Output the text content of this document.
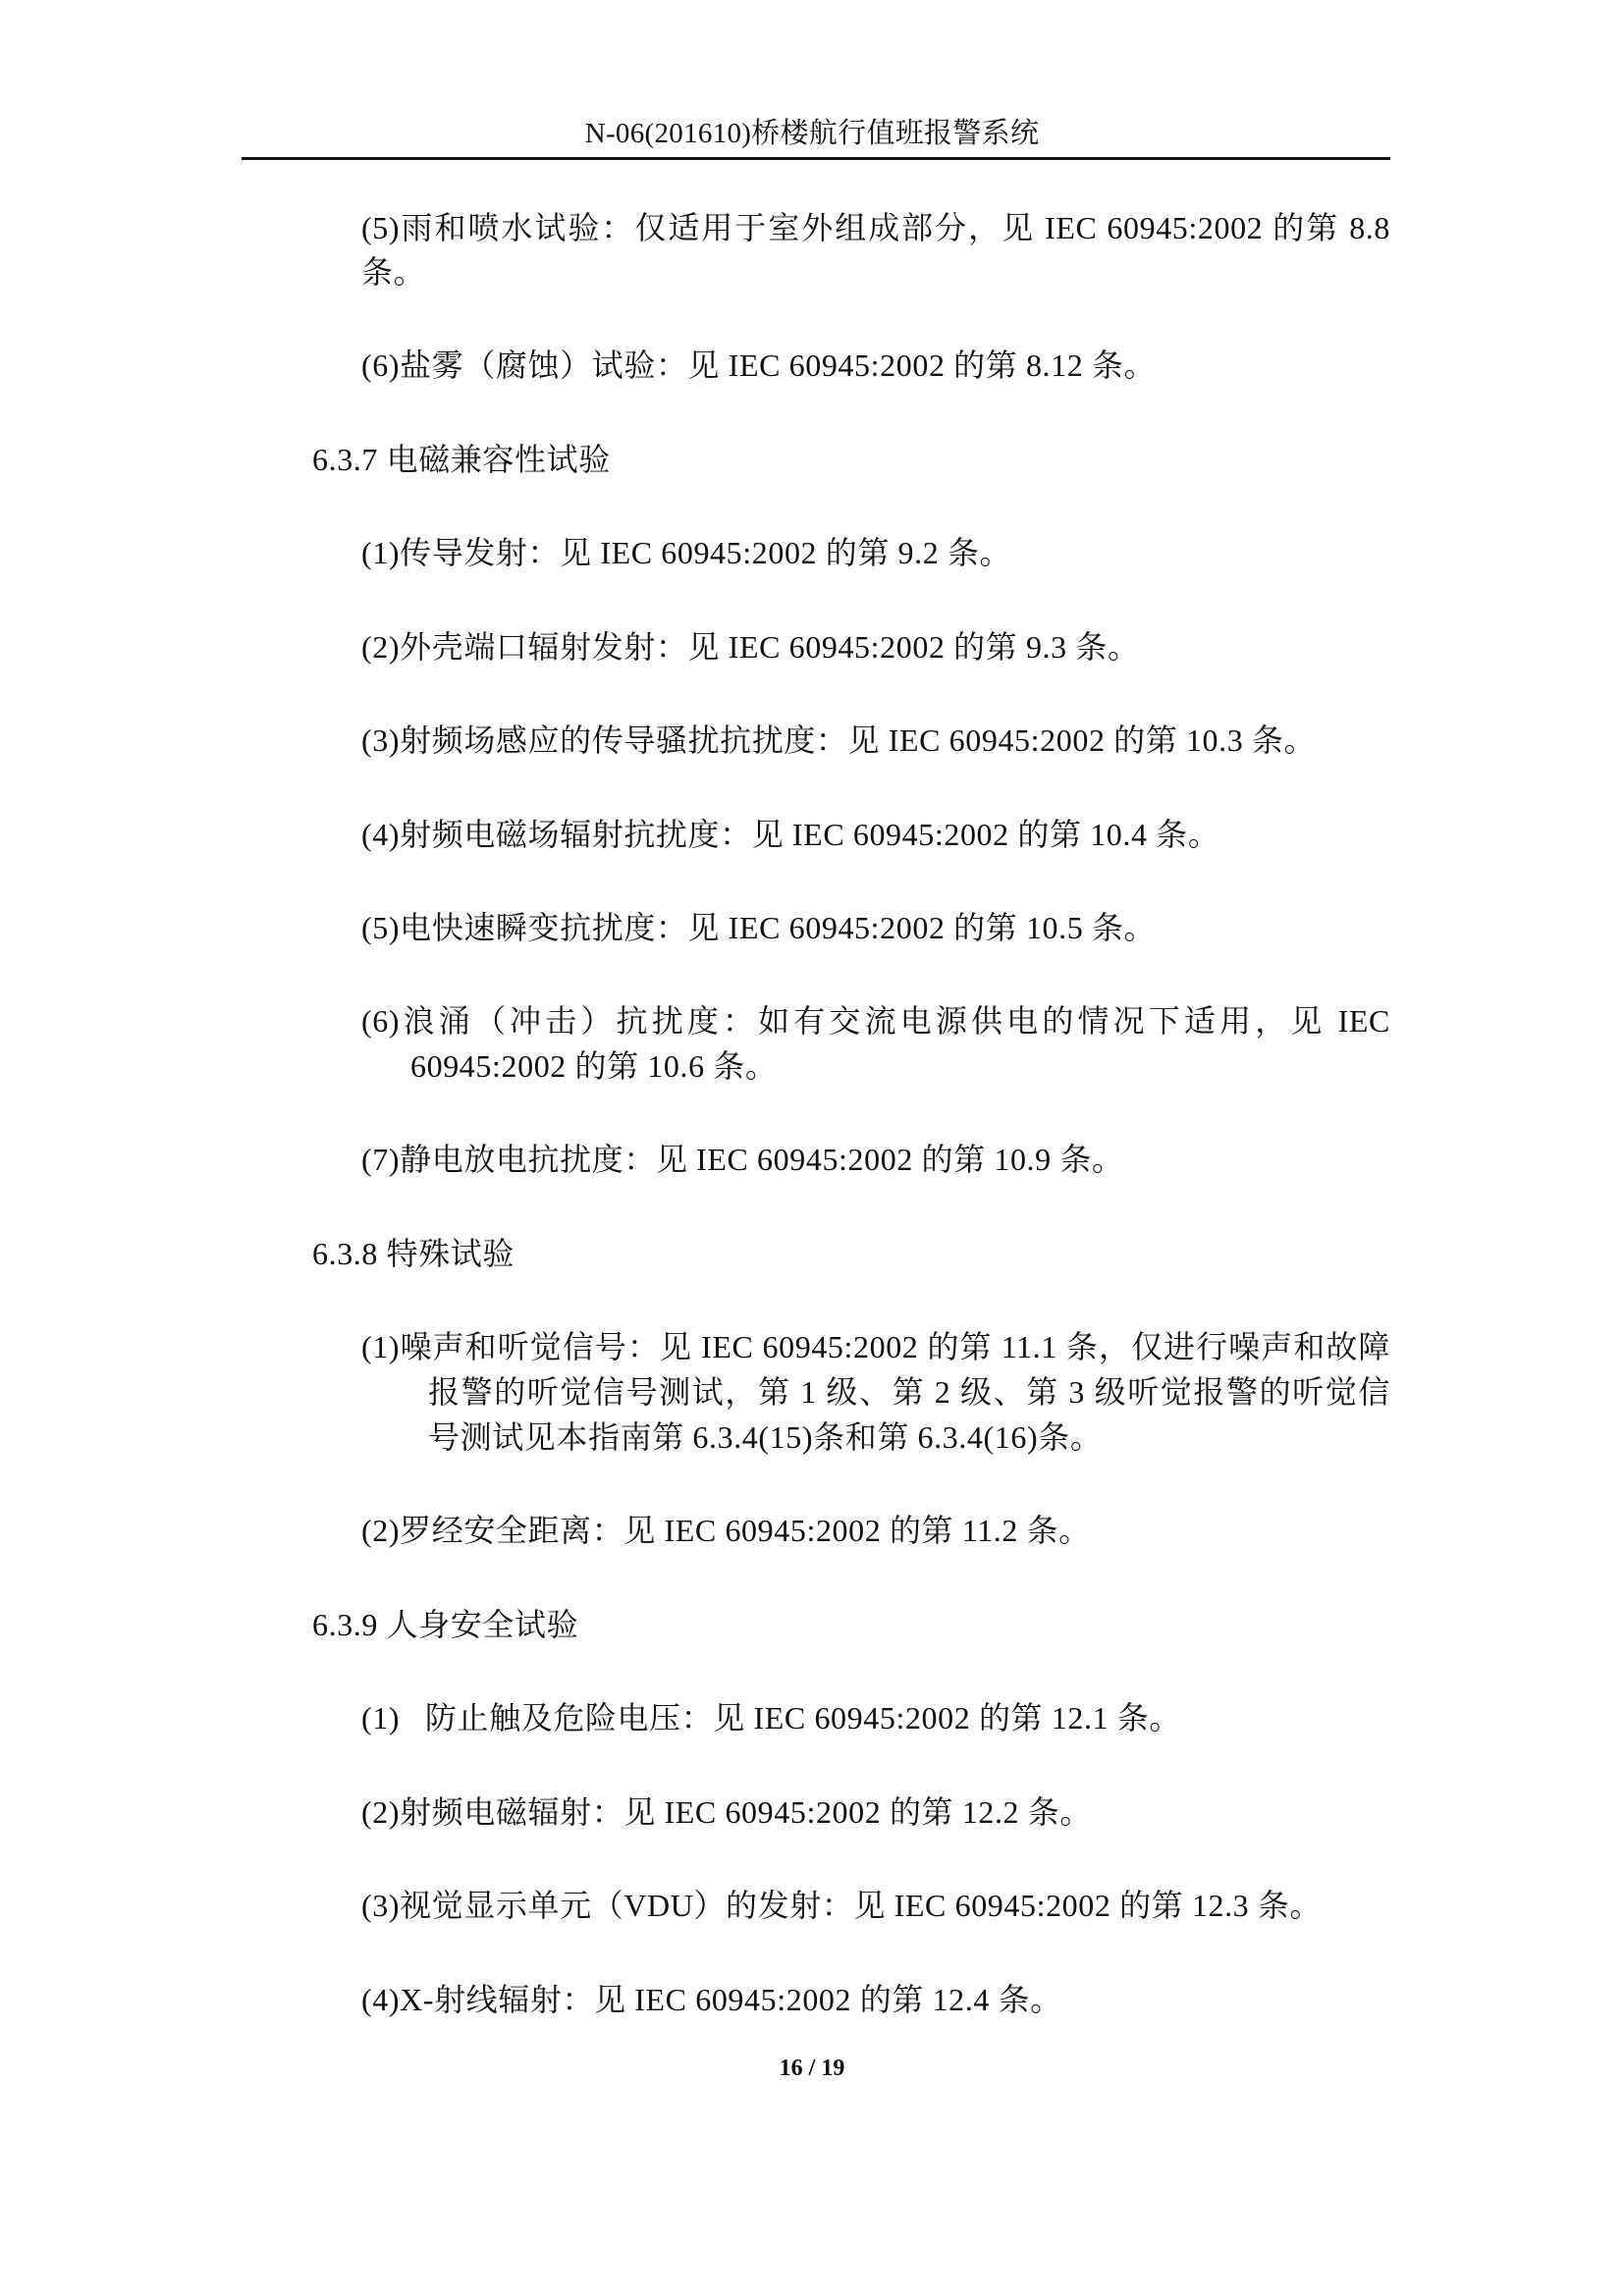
N-06(201610)桥楼航行值班报警系统
(5)雨和喷水试验：仅适用于室外组成部分，见 IEC 60945:2002 的第 8.8
条。
(6)盐雾（腐蚀）试验：见 IEC 60945:2002 的第 8.12 条。
6.3.7 电磁兼容性试验
(1)传导发射：见 IEC 60945:2002 的第 9.2 条。
(2)外壳端口辐射发射：见 IEC 60945:2002 的第 9.3 条。
(3)射频场感应的传导骚扰抗扰度：见 IEC 60945:2002 的第 10.3 条。
(4)射频电磁场辐射抗扰度：见 IEC 60945:2002 的第 10.4 条。
(5)电快速瞬变抗扰度：见 IEC 60945:2002 的第 10.5 条。
(6)浪涌（冲击）抗扰度：如有交流电源供电的情况下适用，见 IEC
60945:2002 的第 10.6 条。
(7)静电放电抗扰度：见 IEC 60945:2002 的第 10.9 条。
6.3.8 特殊试验
(1)噪声和听觉信号：见 IEC 60945:2002 的第 11.1 条，仅进行噪声和故障
报警的听觉信号测试，第 1 级、第 2 级、第 3 级听觉报警的听觉信
号测试见本指南第 6.3.4(15)条和第 6.3.4(16)条。
(2)罗经安全距离：见 IEC 60945:2002 的第 11.2 条。
6.3.9 人身安全试验
(1)   防止触及危险电压：见 IEC 60945:2002 的第 12.1 条。
(2)射频电磁辐射：见 IEC 60945:2002 的第 12.2 条。
(3)视觉显示单元（VDU）的发射：见 IEC 60945:2002 的第 12.3 条。
(4)X-射线辐射：见 IEC 60945:2002 的第 12.4 条。
16 / 19
